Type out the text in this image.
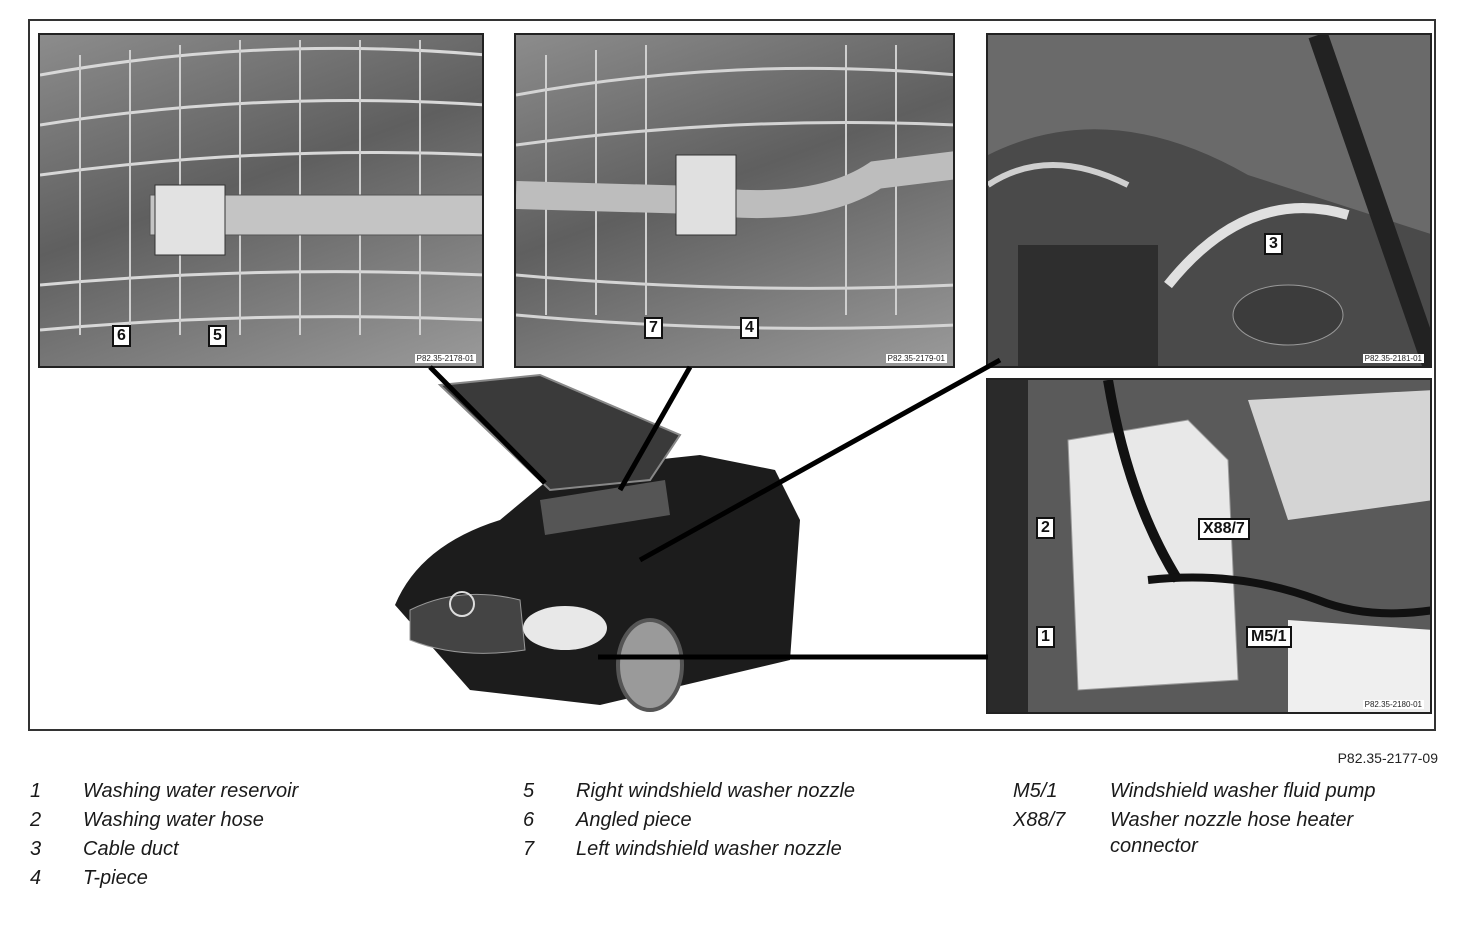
6	5
P82.35-2178-01
7	4
P82.35-2179-01
3
P82.35-2181-01
2	X88/7
1	M5/1
P82.35-2180-01
P82.35-2177-09
1	Washing water reservoir
2	Washing water hose
3	Cable duct
4	T-piece
5	Right windshield washer nozzle
6	Angled piece
7	Left windshield washer nozzle
M5/1	Windshield washer fluid pump
X88/7	Washer nozzle hose heater connector
